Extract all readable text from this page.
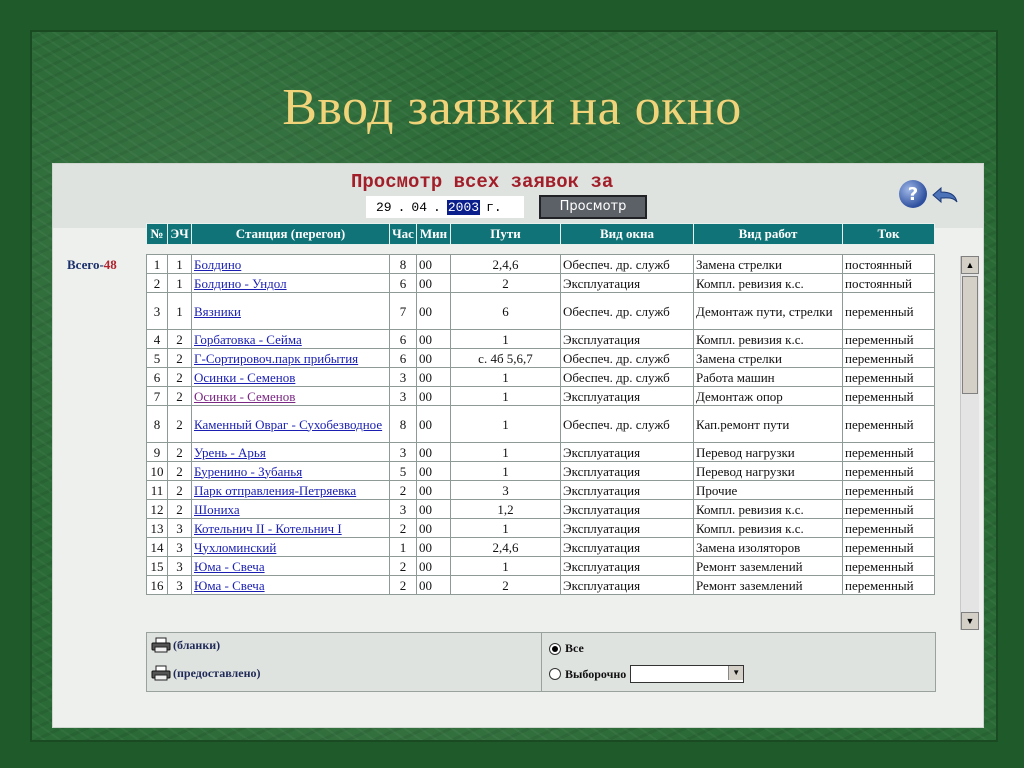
Ввод заявки на окно
Просмотр всех заявок за
29 . 04 . 2003 г.	Просмотр
?
Всего-48
№	ЭЧ	Станция (перегон)	Час	Мин	Пути	Вид окна	Вид работ	Ток
1	1	Болдино	8	00	2,4,6	Обеспеч. др. служб	Замена стрелки	постоянный
2	1	Болдино - Ундол	6	00	2	Эксплуатация	Компл. ревизия к.с.	постоянный
3	1	Вязники	7	00	6	Обеспеч. др. служб	Демонтаж пути, стрелки	переменный
4	2	Горбатовка - Сейма	6	00	1	Эксплуатация	Компл. ревизия к.с.	переменный
5	2	Г-Сортировоч.парк прибытия	6	00	с. 4б 5,6,7	Обеспеч. др. служб	Замена стрелки	переменный
6	2	Осинки - Семенов	3	00	1	Обеспеч. др. служб	Работа машин	переменный
7	2	Осинки - Семенов	3	00	1	Эксплуатация	Демонтаж опор	переменный
8	2	Каменный Овраг - Сухобезводное	8	00	1	Обеспеч. др. служб	Кап.ремонт пути	переменный
9	2	Урень - Арья	3	00	1	Эксплуатация	Перевод нагрузки	переменный
10	2	Буренино - Зубанья	5	00	1	Эксплуатация	Перевод нагрузки	переменный
11	2	Парк отправления-Петряевка	2	00	3	Эксплуатация	Прочие	переменный
12	2	Шониха	3	00	1,2	Эксплуатация	Компл. ревизия к.с.	переменный
13	3	Котельнич II - Котельнич I	2	00	1	Эксплуатация	Компл. ревизия к.с.	переменный
14	3	Чухломинский	1	00	2,4,6	Эксплуатация	Замена изоляторов	переменный
15	3	Юма - Свеча	2	00	1	Эксплуатация	Ремонт заземлений	переменный
16	3	Юма - Свеча	2	00	2	Эксплуатация	Ремонт заземлений	переменный
▲
▼
(бланки)
(предоставлено)
Все
Выборочно	▼
